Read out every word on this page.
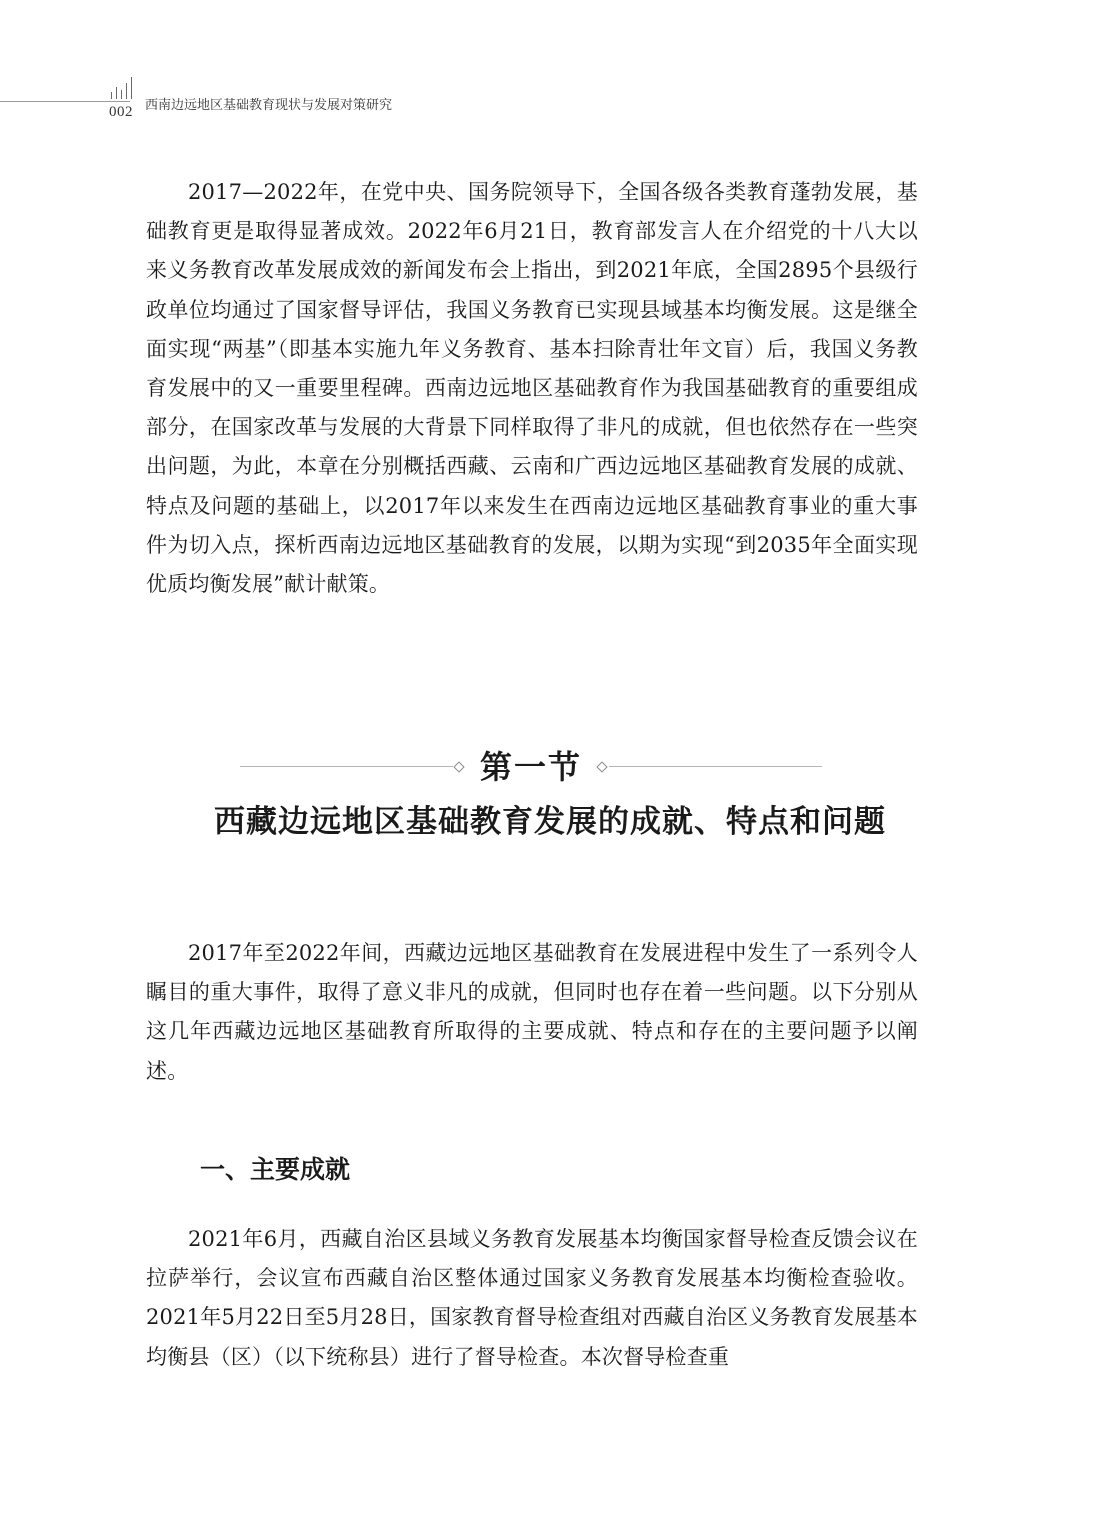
002 西南边远地区基础教育现状与发展对策研究

2017—2022年，在党中央、国务院领导下，全国各级各类教育蓬勃发展，基础教育更是取得显著成效。2022年6月21日，教育部发言人在介绍党的十八大以来义务教育改革发展成效的新闻发布会上指出，到2021年底，全国2895个县级行政单位均通过了国家督导评估，我国义务教育已实现县域基本均衡发展。这是继全面实现“两基”（即基本实施九年义务教育、基本扫除青壮年文盲）后，我国义务教育发展中的又一重要里程碑。西南边远地区基础教育作为我国基础教育的重要组成部分，在国家改革与发展的大背景下同样取得了非凡的成就，但也依然存在一些突出问题，为此，本章在分别概括西藏、云南和广西边远地区基础教育发展的成就、特点及问题的基础上，以2017年以来发生在西南边远地区基础教育事业的重大事件为切入点，探析西南边远地区基础教育的发展，以期为实现“到2035年全面实现优质均衡发展”献计献策。

第一节
西藏边远地区基础教育发展的成就、特点和问题

2017年至2022年间，西藏边远地区基础教育在发展进程中发生了一系列令人瞩目的重大事件，取得了意义非凡的成就，但同时也存在着一些问题。以下分别从这几年西藏边远地区基础教育所取得的主要成就、特点和存在的主要问题予以阐述。

一、主要成就

2021年6月，西藏自治区县域义务教育发展基本均衡国家督导检查反馈会议在拉萨举行，会议宣布西藏自治区整体通过国家义务教育发展基本均衡检查验收。2021年5月22日至5月28日，国家教育督导检查组对西藏自治区义务教育发展基本均衡县（区）（以下统称县）进行了督导检查。本次督导检查重
